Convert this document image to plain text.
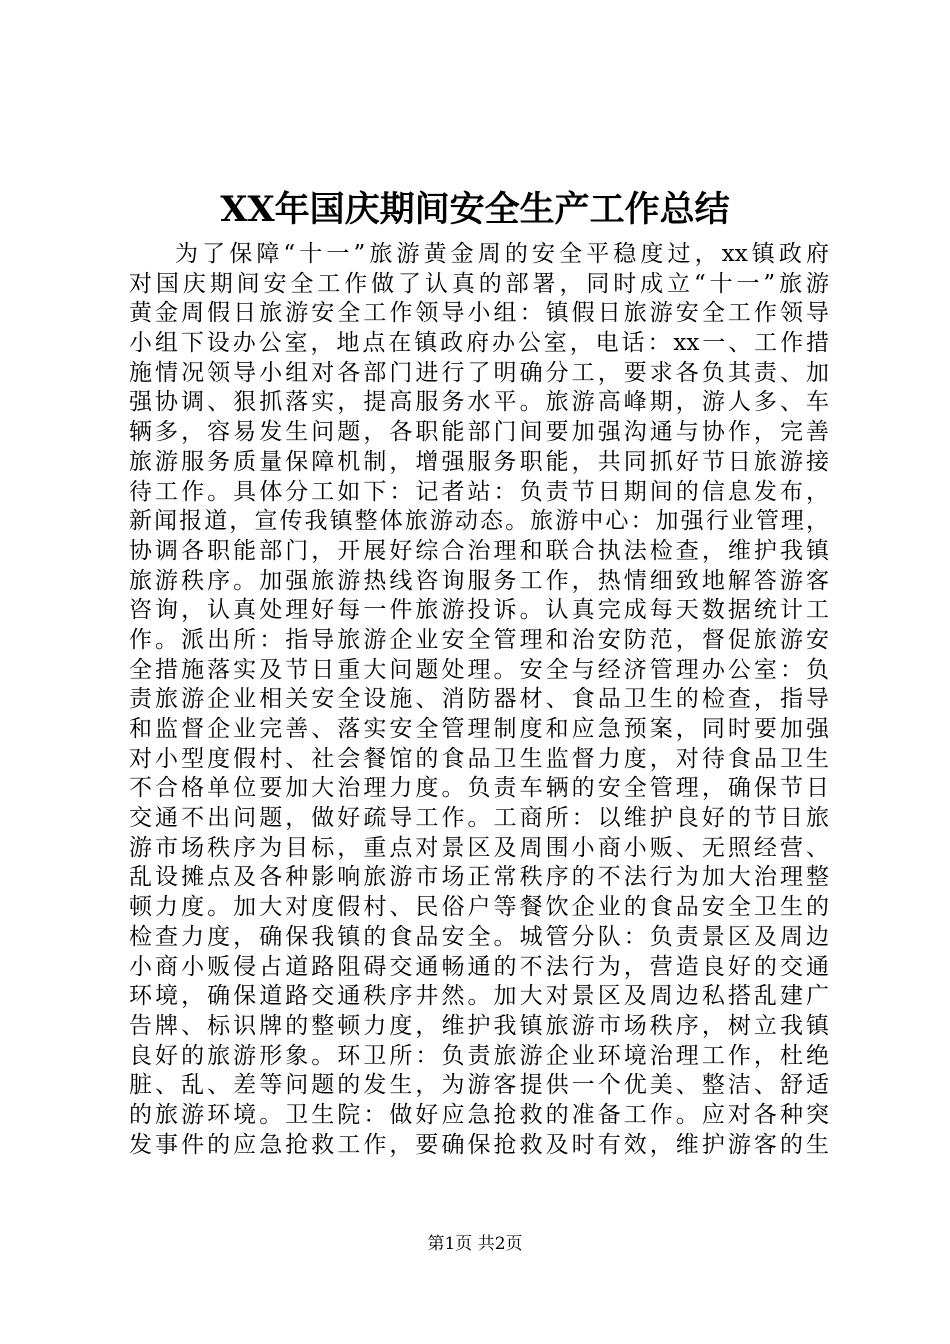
XX年国庆期间安全生产工作总结
为了保障“十一”旅游黄金周的安全平稳度过，xx镇政府
对国庆期间安全工作做了认真的部署，同时成立“十一”旅游
黄金周假日旅游安全工作领导小组：镇假日旅游安全工作领导
小组下设办公室，地点在镇政府办公室，电话：xx一、工作措
施情况领导小组对各部门进行了明确分工，要求各负其责、加
强协调、狠抓落实，提高服务水平。旅游高峰期，游人多、车
辆多，容易发生问题，各职能部门间要加强沟通与协作，完善
旅游服务质量保障机制，增强服务职能，共同抓好节日旅游接
待工作。具体分工如下：记者站：负责节日期间的信息发布，
新闻报道，宣传我镇整体旅游动态。旅游中心：加强行业管理，
协调各职能部门，开展好综合治理和联合执法检查，维护我镇
旅游秩序。加强旅游热线咨询服务工作，热情细致地解答游客
咨询，认真处理好每一件旅游投诉。认真完成每天数据统计工
作。派出所：指导旅游企业安全管理和治安防范，督促旅游安
全措施落实及节日重大问题处理。安全与经济管理办公室：负
责旅游企业相关安全设施、消防器材、食品卫生的检查，指导
和监督企业完善、落实安全管理制度和应急预案，同时要加强
对小型度假村、社会餐馆的食品卫生监督力度，对待食品卫生
不合格单位要加大治理力度。负责车辆的安全管理，确保节日
交通不出问题，做好疏导工作。工商所：以维护良好的节日旅
游市场秩序为目标，重点对景区及周围小商小贩、无照经营、
乱设摊点及各种影响旅游市场正常秩序的不法行为加大治理整
顿力度。加大对度假村、民俗户等餐饮企业的食品安全卫生的
检查力度，确保我镇的食品安全。城管分队：负责景区及周边
小商小贩侵占道路阻碍交通畅通的不法行为，营造良好的交通
环境，确保道路交通秩序井然。加大对景区及周边私搭乱建广
告牌、标识牌的整顿力度，维护我镇旅游市场秩序，树立我镇
良好的旅游形象。环卫所：负责旅游企业环境治理工作，杜绝
脏、乱、差等问题的发生，为游客提供一个优美、整洁、舒适
的旅游环境。卫生院：做好应急抢救的准备工作。应对各种突
发事件的应急抢救工作，要确保抢救及时有效，维护游客的生
第1页 共2页
